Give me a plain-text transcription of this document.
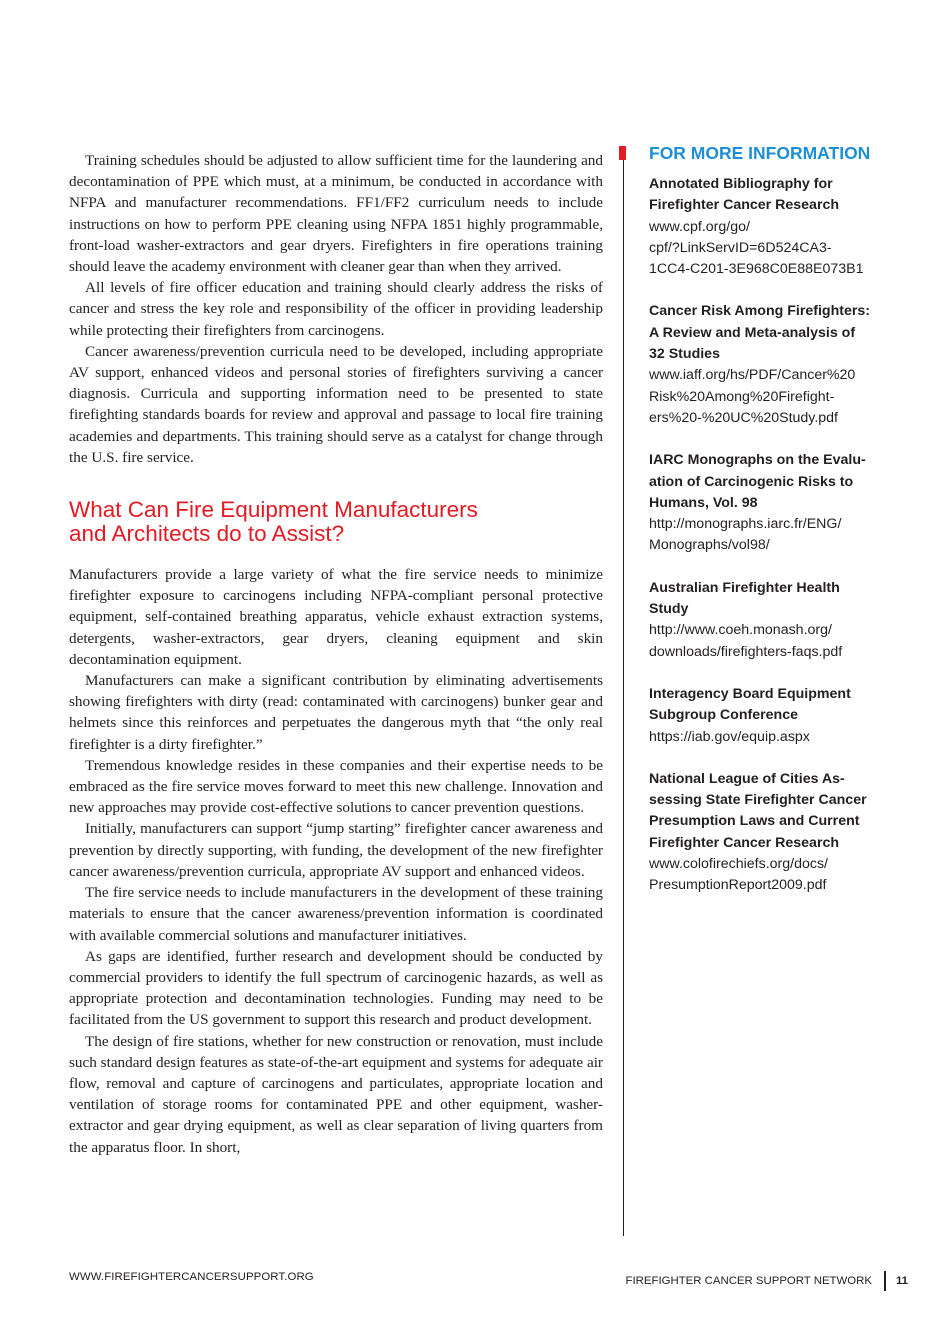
Training schedules should be adjusted to allow sufficient time for the laundering and decontamination of PPE which must, at a minimum, be conducted in accordance with NFPA and manufacturer recommendations. FF1/FF2 curriculum needs to include instructions on how to perform PPE cleaning using NFPA 1851 highly programmable, front-load washer-extractors and gear dryers. Firefighters in fire operations training should leave the academy environment with cleaner gear than when they arrived.

All levels of fire officer education and training should clearly address the risks of cancer and stress the key role and responsibility of the officer in providing leadership while protecting their firefighters from carcinogens.

Cancer awareness/prevention curricula need to be developed, including appropriate AV support, enhanced videos and personal stories of firefighters surviving a cancer diagnosis. Curricula and supporting information need to be presented to state firefighting standards boards for review and approval and passage to local fire training academies and departments. This training should serve as a catalyst for change through the U.S. fire service.

What Can Fire Equipment Manufacturers
and Architects do to Assist?

Manufacturers provide a large variety of what the fire service needs to minimize firefighter exposure to carcinogens including NFPA-compliant personal protective equipment, self-contained breathing apparatus, vehicle exhaust extraction systems, detergents, washer-extractors, gear dryers, cleaning equipment and skin decontamination equipment.

Manufacturers can make a significant contribution by eliminating advertisements showing firefighters with dirty (read: contaminated with carcinogens) bunker gear and helmets since this reinforces and perpetuates the dangerous myth that “the only real firefighter is a dirty firefighter.”

Tremendous knowledge resides in these companies and their expertise needs to be embraced as the fire service moves forward to meet this new challenge. Innovation and new approaches may provide cost-effective solutions to cancer prevention questions.

Initially, manufacturers can support “jump starting” firefighter cancer awareness and prevention by directly supporting, with funding, the development of the new firefighter cancer awareness/prevention curricula, appropriate AV support and enhanced videos.

The fire service needs to include manufacturers in the development of these training materials to ensure that the cancer awareness/prevention information is coordinated with available commercial solutions and manufacturer initiatives.

As gaps are identified, further research and development should be conducted by commercial providers to identify the full spectrum of carcinogenic hazards, as well as appropriate protection and decontamination technologies. Funding may need to be facilitated from the US government to support this research and product development.

The design of fire stations, whether for new construction or renovation, must include such standard design features as state-of-the-art equipment and systems for adequate air flow, removal and capture of carcinogens and particulates, appropriate location and ventilation of storage rooms for contaminated PPE and other equipment, washer-extractor and gear drying equipment, as well as clear separation of living quarters from the apparatus floor. In short,

FOR MORE INFORMATION
Annotated Bibliography for
Firefighter Cancer Research
www.cpf.org/go/
cpf/?LinkServID=6D524CA3-
1CC4-C201-3E968C0E88E073B1
Cancer Risk Among Firefighters:
A Review and Meta-analysis of
32 Studies
www.iaff.org/hs/PDF/Cancer%20
Risk%20Among%20Firefight-
ers%20-%20UC%20Study.pdf
IARC Monographs on the Evalu-
ation of Carcinogenic Risks to
Humans, Vol. 98
http://monographs.iarc.fr/ENG/
Monographs/vol98/
Australian Firefighter Health
Study
http://www.coeh.monash.org/
downloads/firefighters-faqs.pdf
Interagency Board Equipment
Subgroup Conference
https://iab.gov/equip.aspx
National League of Cities As-
sessing State Firefighter Cancer
Presumption Laws and Current
Firefighter Cancer Research
www.colofirechiefs.org/docs/
PresumptionReport2009.pdf
WWW.FIREFIGHTERCANCERSUPPORT.ORG	FIREFIGHTER CANCER SUPPORT NETWORK 11
